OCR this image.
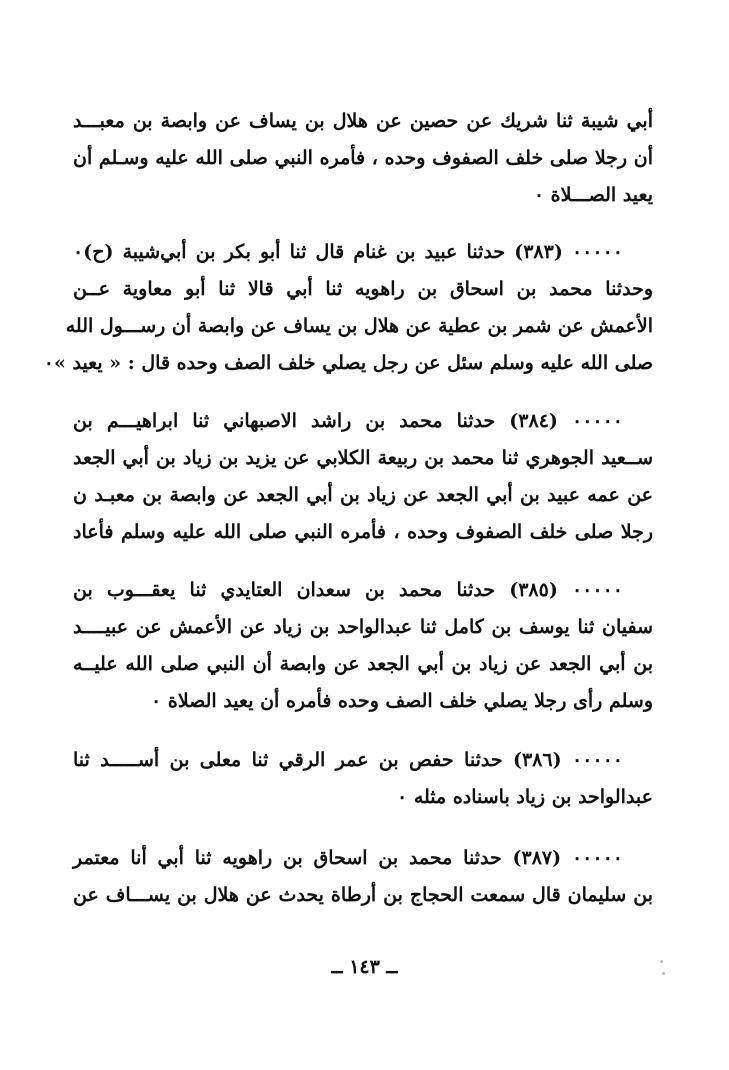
أبي شيبة ثنا شريك عن حصين عن هلال بن يساف عن وابصة بن معبـــد
أن رجلا صلى خلف الصفوف وحده ، فأمره النبي صلى الله عليه وسـلم أن
يعيد الصـــلاة ٠
٠٠٠٠٠ (٣٨٣) حدثنا عبيد بن غنام قال ثنا أبو بكر بن أبي‌شيبة (ح)٠
وحدثنا محمد بن اسحاق بن راهويه ثنا أبي قالا ثنا أبو معاوية عــن
الأعمش عن شمر بن عطية عن هلال بن يساف عن وابصة أن رســـول الله
صلى الله عليه وسلم سئل عن رجل يصلي خلف الصف وحده قال : « يعيد »٠
٠٠٠٠٠ (٣٨٤) حدثنا محمد بن راشد الاصبهاني ثنا ابراهيـــم بن
ســعيد الجوهري ثنا محمد بن ربيعة الكلابي عن يزيد بن زياد بن أبي الجعد
عن عمه عبيد بن أبي الجعد عن زياد بن أبي الجعد عن وابصة بن معبـد ن
رجلا صلى خلف الصفوف وحده ، فأمره النبي صلى الله عليه وسلم فأعاد
٠٠٠٠٠ (٣٨٥) حدثنا محمد بن سعدان العتايدي ثنا يعقـــوب بن
سفيان ثنا يوسف بن كامل ثنا عبدالواحد بن زياد عن الأعمش عن عبيــــد
بن أبي الجعد عن زياد بن أبي الجعد عن وابصة أن النبي صلى الله عليــه
وسلم رأى رجلا يصلي خلف الصف وحده فأمره أن يعيد الصلاة ٠
٠٠٠٠٠ (٣٨٦) حدثنا حفص بن عمر الرقي ثنا معلى بن أســـــد ثنا
عبدالواحد بن زياد باسناده مثله ٠
٠٠٠٠٠ (٣٨٧) حدثنا محمد بن اسحاق بن راهويه ثنا أبي أنا معتمر
بن سليمان قال سمعت الحجاج بن أرطاة يحدث عن هلال بن يســـاف عن
ــ ١٤٣ ــ
